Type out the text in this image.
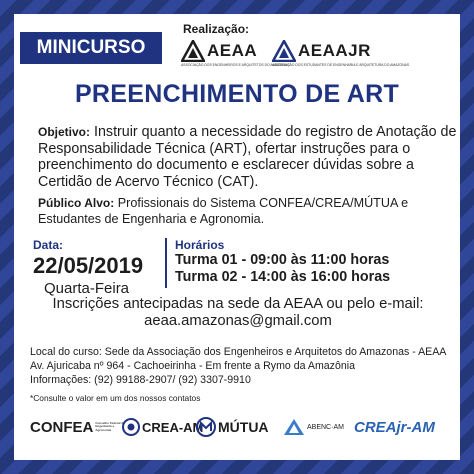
MINICURSO
Realização:
AEAA
ASSOCIAÇÃO DOS ENGENHEIROS E ARQUITETOS DO AMAZONAS
AEAAJR
ASSOCIAÇÃO DOS ESTUDANTES DE ENGENHARIA E ARQUITETURA DO AMAZONAS
PREENCHIMENTO DE ART
Objetivo: Instruir quanto a necessidade do registro de Anotação de Responsabilidade Técnica (ART), ofertar instruções para o preenchimento do documento e esclarecer dúvidas sobre a Certidão de Acervo Técnico (CAT).
Público Alvo: Profissionais do Sistema CONFEA/CREA/MÚTUA e Estudantes de Engenharia e Agronomia.
Data:
22/05/2019
Quarta-Feira
Horários
Turma 01 - 09:00 às 11:00 horas
Turma 02 - 14:00 às 16:00 horas
Inscrições antecipadas na sede da AEAA ou pelo e-mail: aeaa.amazonas@gmail.com
Local do curso: Sede da Associação dos Engenheiros e Arquitetos do Amazonas - AEAA
Av. Ajuricaba nº 964 - Cachoeirinha - Em frente a Rymo da Amazônia
Informações: (92) 99188-2907/ (92) 3307-9910
*Consulte o valor em um dos nossos contatos
CONFEA Conselho Federal de Engenharia e Agronomia	CREA-AM MÚTUA	ABENC·AM CREAjr-AM
